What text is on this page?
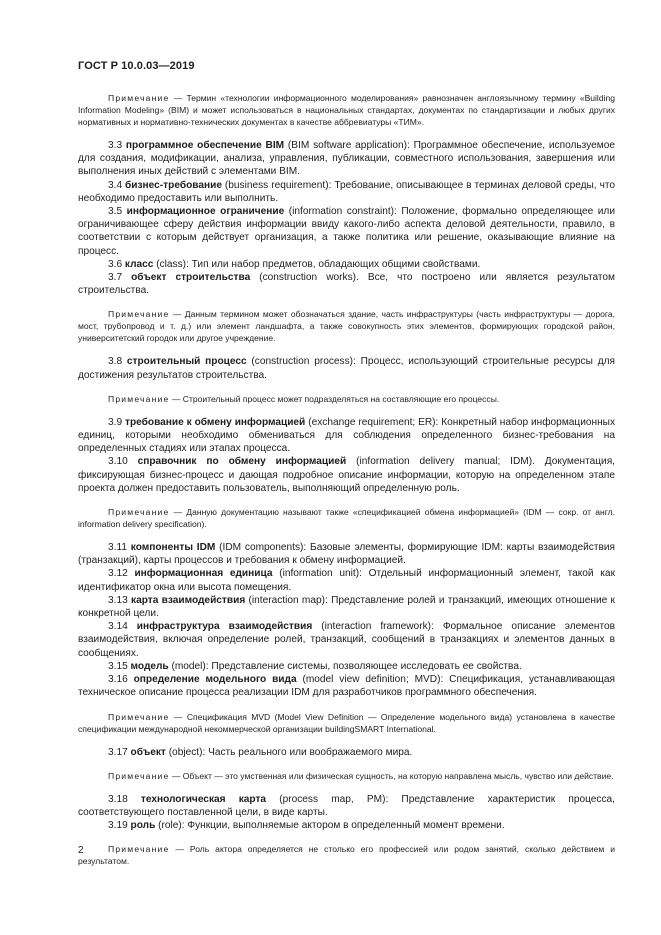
ГОСТ Р 10.0.03—2019

Примечание — Термин «технологии информационного моделирования» равнозначен англоязычному термину «Building Information Modeling» (BIM) и может использоваться в национальных стандартах, документах по стандартизации и любых других нормативных и нормативно-технических документах в качестве аббревиатуры «ТИМ».

3.3 программное обеспечение BIM (BIM software application): Программное обеспечение, используемое для создания, модификации, анализа, управления, публикации, совместного использования, завершения или выполнения иных действий с элементами BIM.

3.4 бизнес-требование (business requirement): Требование, описывающее в терминах деловой среды, что необходимо предоставить или выполнить.

3.5 информационное ограничение (information constraint): Положение, формально определяющее или ограничивающее сферу действия информации ввиду какого-либо аспекта деловой деятельности, правило, в соответствии с которым действует организация, а также политика или решение, оказывающие влияние на процесс.

3.6 класс (class): Тип или набор предметов, обладающих общими свойствами.

3.7 объект строительства (construction works). Все, что построено или является результатом строительства.

Примечание — Данным термином может обозначаться здание, часть инфраструктуры (часть инфраструктуры — дорога, мост, трубопровод и т. д.) или элемент ландшафта, а также совокупность этих элементов, формирующих городской район, университетский городок или другое учреждение.

3.8 строительный процесс (construction process): Процесс, использующий строительные ресурсы для достижения результатов строительства.

Примечание — Строительный процесс может подразделяться на составляющие его процессы.

3.9 требование к обмену информацией (exchange requirement; ER): Конкретный набор информационных единиц, которыми необходимо обмениваться для соблюдения определенного бизнес-требования на определенных стадиях или этапах процесса.

3.10 справочник по обмену информацией (information delivery manual; IDM). Документация, фиксирующая бизнес-процесс и дающая подробное описание информации, которую на определенном этапе проекта должен предоставить пользователь, выполняющий определенную роль.

Примечание — Данную документацию называют также «спецификацией обмена информацией» (IDM — сокр. от англ. information delivery specification).

3.11 компоненты IDM (IDM components): Базовые элементы, формирующие IDM: карты взаимодействия (транзакций), карты процессов и требования к обмену информацией.

3.12 информационная единица (information unit): Отдельный информационный элемент, такой как идентификатор окна или высота помещения.

3.13 карта взаимодействия (interaction map): Представление ролей и транзакций, имеющих отношение к конкретной цели.

3.14 инфраструктура взаимодействия (interaction framework): Формальное описание элементов взаимодействия, включая определение ролей, транзакций, сообщений в транзакциях и элементов данных в сообщениях.

3.15 модель (model): Представление системы, позволяющее исследовать ее свойства.

3.16 определение модельного вида (model view definition; MVD): Спецификация, устанавливающая техническое описание процесса реализации IDM для разработчиков программного обеспечения.

Примечание — Спецификация MVD (Model View Definition — Определение модельного вида) установлена в качестве спецификации международной некоммерческой организации buildingSMART International.

3.17 объект (object): Часть реального или воображаемого мира.

Примечание — Объект — это умственная или физическая сущность, на которую направлена мысль, чувство или действие.

3.18 технологическая карта (process map, PM): Представление характеристик процесса, соответствующего поставленной цели, в виде карты.

3.19 роль (role): Функции, выполняемые актором в определенный момент времени.

Примечание — Роль актора определяется не столько его профессией или родом занятий, сколько действием и результатом.

2
